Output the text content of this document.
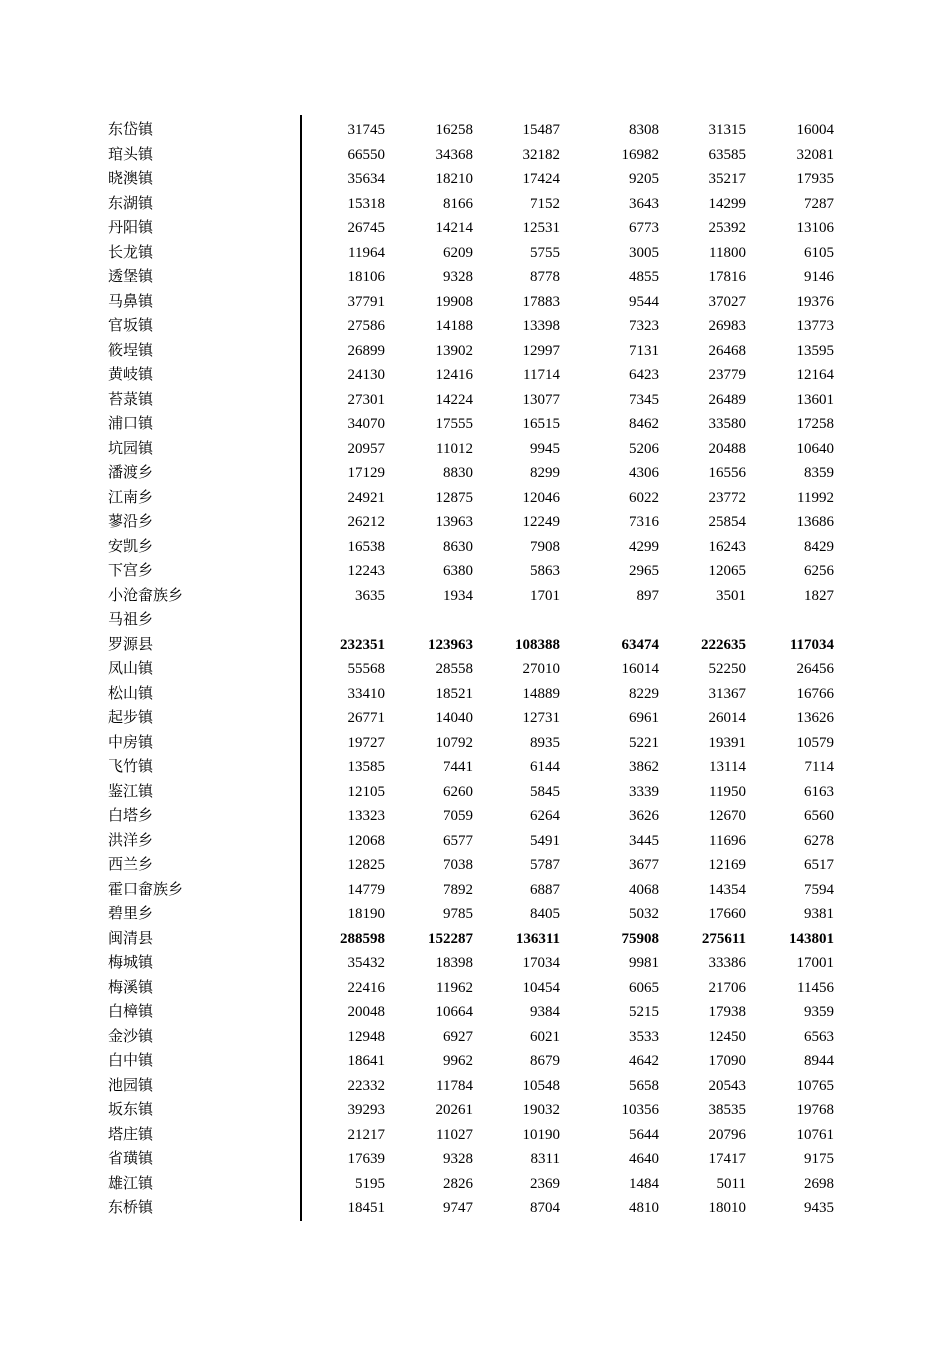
东岱镇	31745	16258	15487	8308	31315	16004
琯头镇	66550	34368	32182	16982	63585	32081
晓澳镇	35634	18210	17424	9205	35217	17935
东湖镇	15318	8166	7152	3643	14299	7287
丹阳镇	26745	14214	12531	6773	25392	13106
长龙镇	11964	6209	5755	3005	11800	6105
透堡镇	18106	9328	8778	4855	17816	9146
马鼻镇	37791	19908	17883	9544	37027	19376
官坂镇	27586	14188	13398	7323	26983	13773
筱埕镇	26899	13902	12997	7131	26468	13595
黄岐镇	24130	12416	11714	6423	23779	12164
苔菉镇	27301	14224	13077	7345	26489	13601
浦口镇	34070	17555	16515	8462	33580	17258
坑园镇	20957	11012	9945	5206	20488	10640
潘渡乡	17129	8830	8299	4306	16556	8359
江南乡	24921	12875	12046	6022	23772	11992
蓼沿乡	26212	13963	12249	7316	25854	13686
安凯乡	16538	8630	7908	4299	16243	8429
下宫乡	12243	6380	5863	2965	12065	6256
小沧畲族乡	3635	1934	1701	897	3501	1827
马祖乡
罗源县	232351	123963	108388	63474	222635	117034
凤山镇	55568	28558	27010	16014	52250	26456
松山镇	33410	18521	14889	8229	31367	16766
起步镇	26771	14040	12731	6961	26014	13626
中房镇	19727	10792	8935	5221	19391	10579
飞竹镇	13585	7441	6144	3862	13114	7114
鉴江镇	12105	6260	5845	3339	11950	6163
白塔乡	13323	7059	6264	3626	12670	6560
洪洋乡	12068	6577	5491	3445	11696	6278
西兰乡	12825	7038	5787	3677	12169	6517
霍口畲族乡	14779	7892	6887	4068	14354	7594
碧里乡	18190	9785	8405	5032	17660	9381
闽清县	288598	152287	136311	75908	275611	143801
梅城镇	35432	18398	17034	9981	33386	17001
梅溪镇	22416	11962	10454	6065	21706	11456
白樟镇	20048	10664	9384	5215	17938	9359
金沙镇	12948	6927	6021	3533	12450	6563
白中镇	18641	9962	8679	4642	17090	8944
池园镇	22332	11784	10548	5658	20543	10765
坂东镇	39293	20261	19032	10356	38535	19768
塔庄镇	21217	11027	10190	5644	20796	10761
省璜镇	17639	9328	8311	4640	17417	9175
雄江镇	5195	2826	2369	1484	5011	2698
东桥镇	18451	9747	8704	4810	18010	9435
